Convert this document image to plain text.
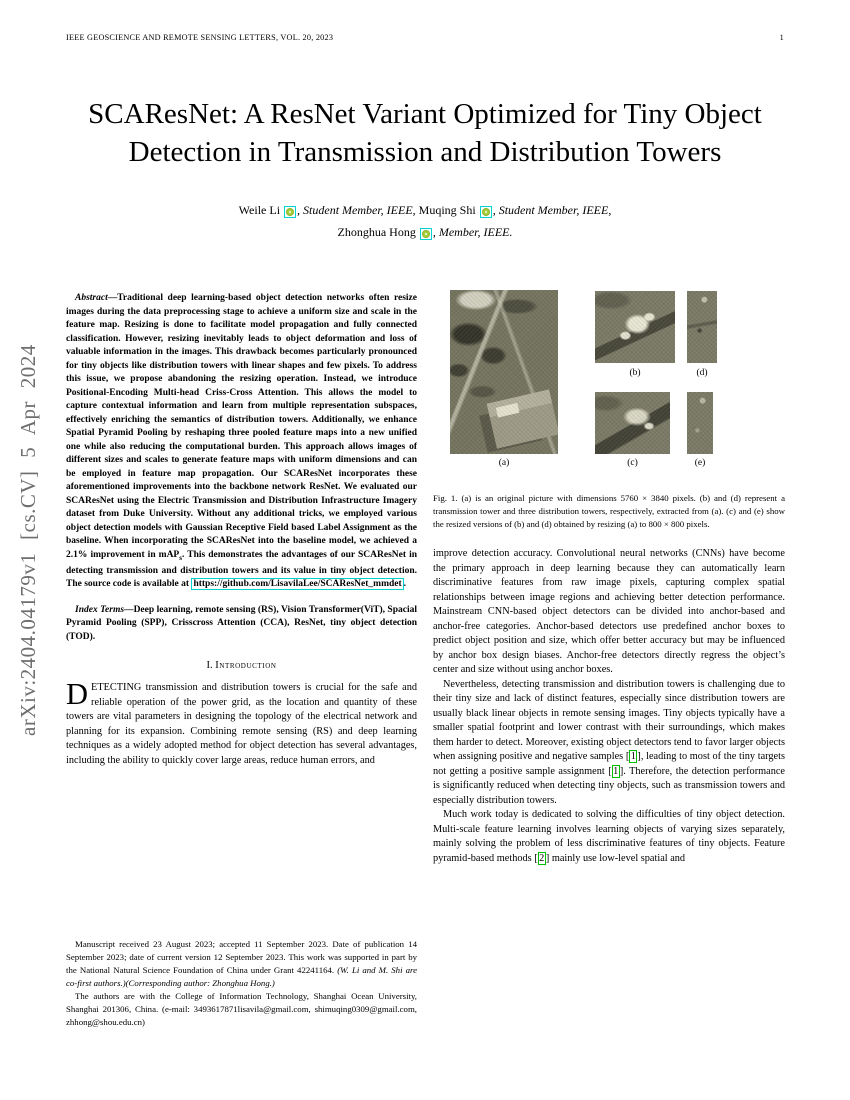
IEEE GEOSCIENCE AND REMOTE SENSING LETTERS, VOL. 20, 2023	1
arXiv:2404.04179v1 [cs.CV] 5 Apr 2024
SCAResNet: A ResNet Variant Optimized for Tiny Object Detection in Transmission and Distribution Towers
Weile Li , Student Member, IEEE, Muqing Shi , Student Member, IEEE,
Zhonghua Hong , Member, IEEE.

Abstract—Traditional deep learning-based object detection networks often resize images during the data preprocessing stage to achieve a uniform size and scale in the feature map. Resizing is done to facilitate model propagation and fully connected classification. However, resizing inevitably leads to object deformation and loss of valuable information in the images. This drawback becomes particularly pronounced for tiny objects like distribution towers with linear shapes and few pixels. To address this issue, we propose abandoning the resizing operation. Instead, we introduce Positional-Encoding Multi-head Criss-Cross Attention. This allows the model to capture contextual information and learn from multiple representation subspaces, effectively enriching the semantics of distribution towers. Additionally, we enhance Spatial Pyramid Pooling by reshaping three pooled feature maps into a new unified one while also reducing the computational burden. This approach allows images of different sizes and scales to generate feature maps with uniform dimensions and can be employed in feature map propagation. Our SCAResNet incorporates these aforementioned improvements into the backbone network ResNet. We evaluated our SCAResNet using the Electric Transmission and Distribution Infrastructure Imagery dataset from Duke University. Without any additional tricks, we employed various object detection models with Gaussian Receptive Field based Label Assignment as the baseline. When incorporating the SCAResNet into the baseline model, we achieved a 2.1% improvement in mAP$_s$. This demonstrates the advantages of our SCAResNet in detecting transmission and distribution towers and its value in tiny object detection. The source code is available at https://github.com/LisavilaLee/SCAResNet_mmdet .

Index Terms—Deep learning, remote sensing (RS), Vision Transformer(ViT), Spacial Pyramid Pooling (SPP), Crisscross Attention (CCA), ResNet, tiny object detection (TOD).

I. Introduction

DETECTING transmission and distribution towers is crucial for the safe and reliable operation of the power grid, as the location and quantity of these towers are vital parameters in designing the topology of the electrical network and planning for its expansion. Combining remote sensing (RS) and deep learning techniques as a widely adopted method for object detection has several advantages, including the ability to quickly cover large areas, reduce human errors, and

Manuscript received 23 August 2023; accepted 11 September 2023. Date of publication 14 September 2023; date of current version 12 September 2023. This work was supported in part by the National Natural Science Foundation of China under Grant 42241164. (W. Li and M. Shi are co-first authors.)(Corresponding author: Zhonghua Hong.)

The authors are with the College of Information Technology, Shanghai Ocean University, Shanghai 201306, China. (e-mail: 3493617871lisavila@gmail.com, shimuqing0309@gmail.com, zhhong@shou.edu.cn)

(a)
(b)
(c)
(d)
(e)

Fig. 1. (a) is an original picture with dimensions 5760 × 3840 pixels. (b) and (d) represent a transmission tower and three distribution towers, respectively, extracted from (a). (c) and (e) show the resized versions of (b) and (d) obtained by resizing (a) to 800 × 800 pixels.

improve detection accuracy. Convolutional neural networks (CNNs) have become the primary approach in deep learning because they can automatically learn discriminative features from raw image pixels, capturing complex spatial relationships between image regions and achieving better detection performance. Mainstream CNN-based object detectors can be divided into anchor-based and anchor-free categories. Anchor-based detectors use predefined anchor boxes to predict object position and size, which offer better accuracy but may be influenced by anchor box design biases. Anchor-free detectors directly regress the object’s center and size without using anchor boxes.

Nevertheless, detecting transmission and distribution towers is challenging due to their tiny size and lack of distinct features, especially since distribution towers are usually black linear objects in remote sensing images. Tiny objects typically have a smaller spatial footprint and lower contrast with their surroundings, which makes them harder to detect. Moreover, existing object detectors tend to favor larger objects when assigning positive and negative samples [ 1 ], leading to most of the tiny targets not getting a positive sample assignment [ 1 ]. Therefore, the detection performance is significantly reduced when detecting tiny objects, such as transmission towers and especially distribution towers.

Much work today is dedicated to solving the difficulties of tiny object detection. Multi-scale feature learning involves learning objects of varying sizes separately, mainly solving the problem of less discriminative features of tiny objects. Feature pyramid-based methods [ 2 ] mainly use low-level spatial and
